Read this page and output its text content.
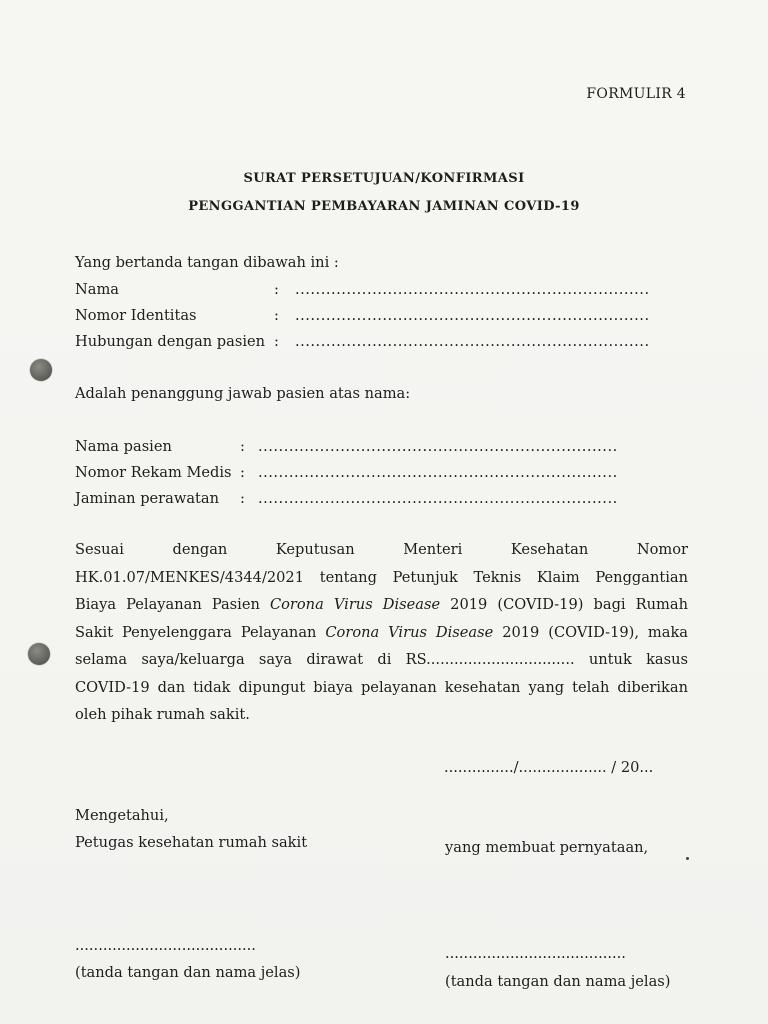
FORMULIR 4
SURAT PERSETUJUAN/KONFIRMASI
PENGGANTIAN PEMBAYARAN JAMINAN COVID-19
Yang bertanda tangan dibawah ini :
Nama	: .....................................................................
Nomor Identitas	: .....................................................................
Hubungan dengan pasien : .....................................................................
Adalah penanggung jawab pasien atas nama:
Nama pasien	: ......................................................................
Nomor Rekam Medis : ......................................................................
Jaminan perawatan : ......................................................................
Sesuai dengan Keputusan Menteri Kesehatan Nomor
HK.01.07/MENKES/4344/2021 tentang Petunjuk Teknis Klaim Penggantian
Biaya Pelayanan Pasien Corona Virus Disease 2019 (COVID-19) bagi Rumah
Sakit Penyelenggara Pelayanan Corona Virus Disease 2019 (COVID-19), maka
selama saya/keluarga saya dirawat di RS................................ untuk kasus
COVID-19 dan tidak dipungut biaya pelayanan kesehatan yang telah diberikan
oleh pihak rumah sakit.
.............../................... / 20...
Mengetahui,
Petugas kesehatan rumah sakit
.......................................
(tanda tangan dan nama jelas)
yang membuat pernyataan,
.......................................
(tanda tangan dan nama jelas)
